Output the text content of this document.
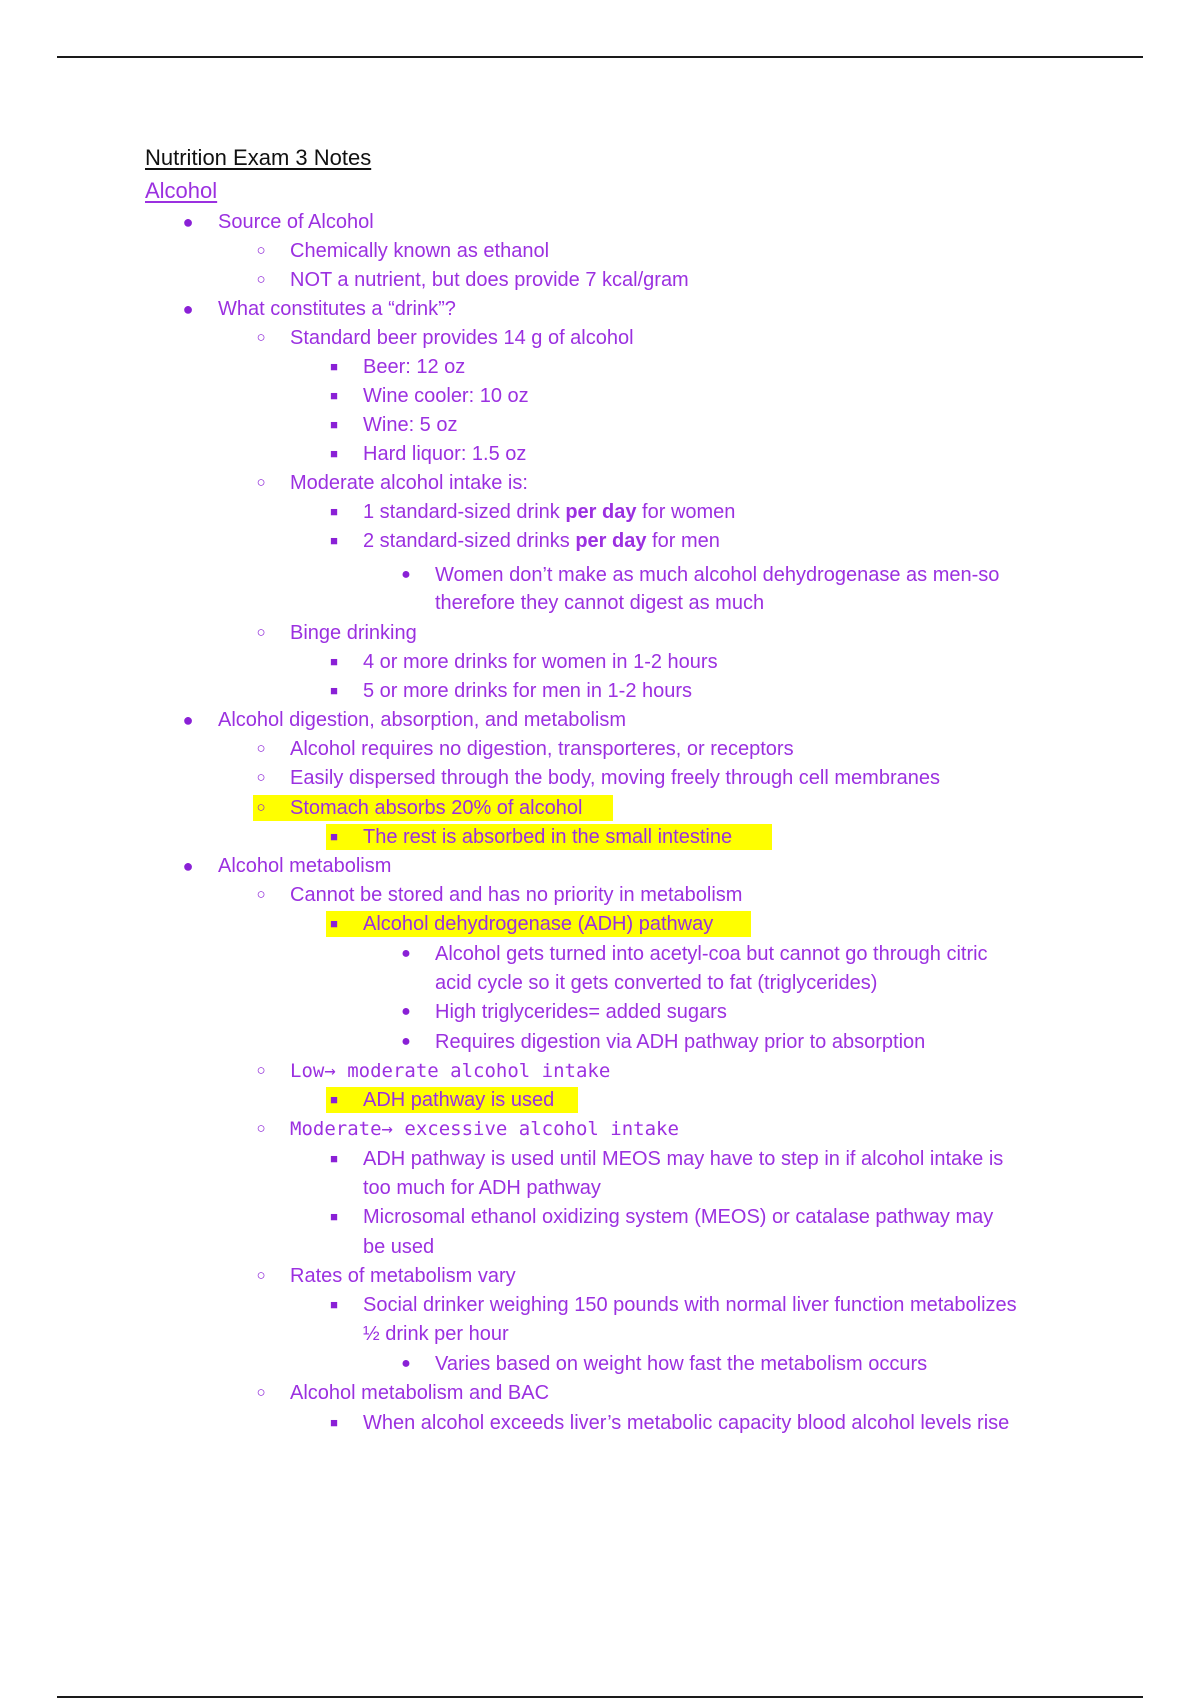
Nutrition Exam 3 Notes
Alcohol
● Source of Alcohol
○ Chemically known as ethanol
○ NOT a nutrient, but does provide 7 kcal/gram
● What constitutes a “drink”?
○ Standard beer provides 14 g of alcohol
■	Beer: 12 oz
■	Wine cooler: 10 oz
■	Wine: 5 oz
■	Hard liquor: 1.5 oz
○ Moderate alcohol intake is:
■	1 standard-sized drink per day for women
■	2 standard-sized drinks per day for men
● Women don’t make as much alcohol dehydrogenase as men-so
therefore they cannot digest as much
○ Binge drinking
■	4 or more drinks for women in 1-2 hours
■	5 or more drinks for men in 1-2 hours
● Alcohol digestion, absorption, and metabolism
○ Alcohol requires no digestion, transporteres, or receptors
○ Easily dispersed through the body, moving freely through cell membranes
○ Stomach absorbs 20% of alcohol
■	The rest is absorbed in the small intestine
● Alcohol metabolism
○ Cannot be stored and has no priority in metabolism
■	Alcohol dehydrogenase (ADH) pathway
● Alcohol gets turned into acetyl-coa but cannot go through citric
acid cycle so it gets converted to fat (triglycerides)
● High triglycerides= added sugars
● Requires digestion via ADH pathway prior to absorption
○ Low→ moderate alcohol intake
■	ADH pathway is used
○ Moderate→ excessive alcohol intake
■	ADH pathway is used until MEOS may have to step in if alcohol intake is
too much for ADH pathway
■	Microsomal ethanol oxidizing system (MEOS) or catalase pathway may
be used
○ Rates of metabolism vary
■	Social drinker weighing 150 pounds with normal liver function metabolizes
½ drink per hour
● Varies based on weight how fast the metabolism occurs
○ Alcohol metabolism and BAC
■	When alcohol exceeds liver’s metabolic capacity blood alcohol levels rise
